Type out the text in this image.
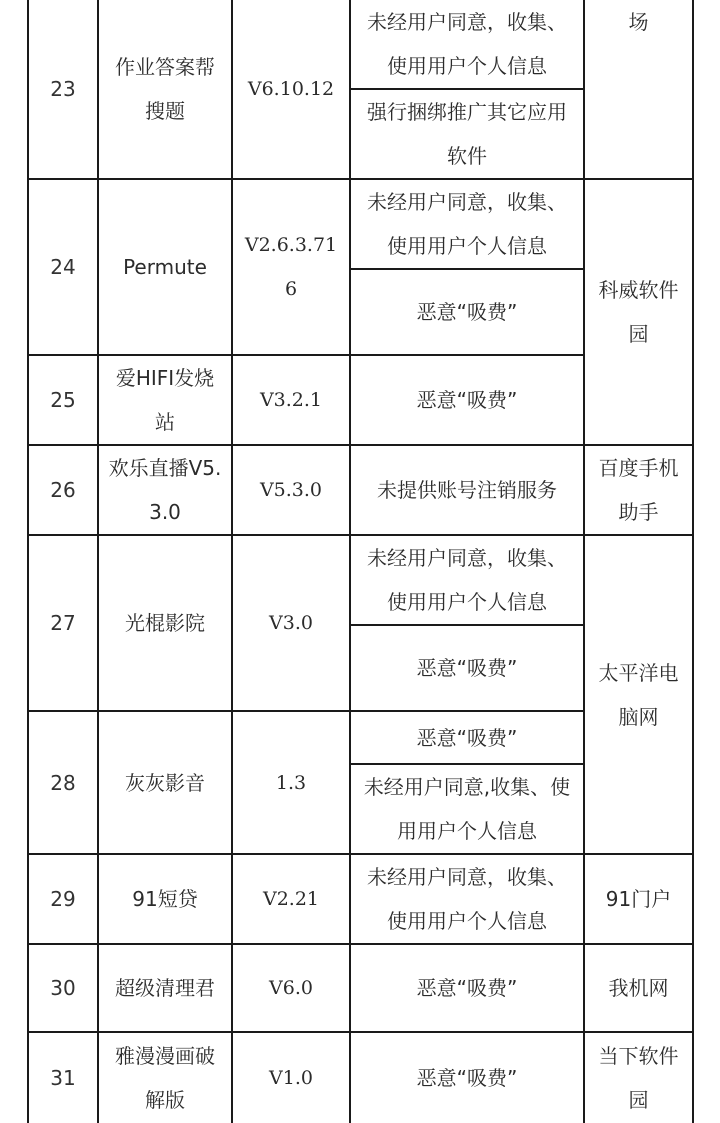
23	作业答案帮搜题	V6.10.12	未经用户同意，收集、使用用户个人信息	场
			强行捆绑推广其它应用软件	
24	Permute	V2.6.3.716	未经用户同意，收集、使用用户个人信息	科威软件园
			恶意“吸费”	
25	爱HIFI发烧站	V3.2.1	恶意“吸费”	
26	欢乐直播V5.3.0	V5.3.0	未提供账号注销服务	百度手机助手
27	光棍影院	V3.0	未经用户同意，收集、使用用户个人信息	太平洋电脑网
			恶意“吸费”	
28	灰灰影音	1.3	恶意“吸费”	
			未经用户同意,收集、使用用户个人信息	
29	91短贷	V2.21	未经用户同意，收集、使用用户个人信息	91门户
30	超级清理君	V6.0	恶意“吸费”	我机网
31	雅漫漫画破解版	V1.0	恶意“吸费”	当下软件园
